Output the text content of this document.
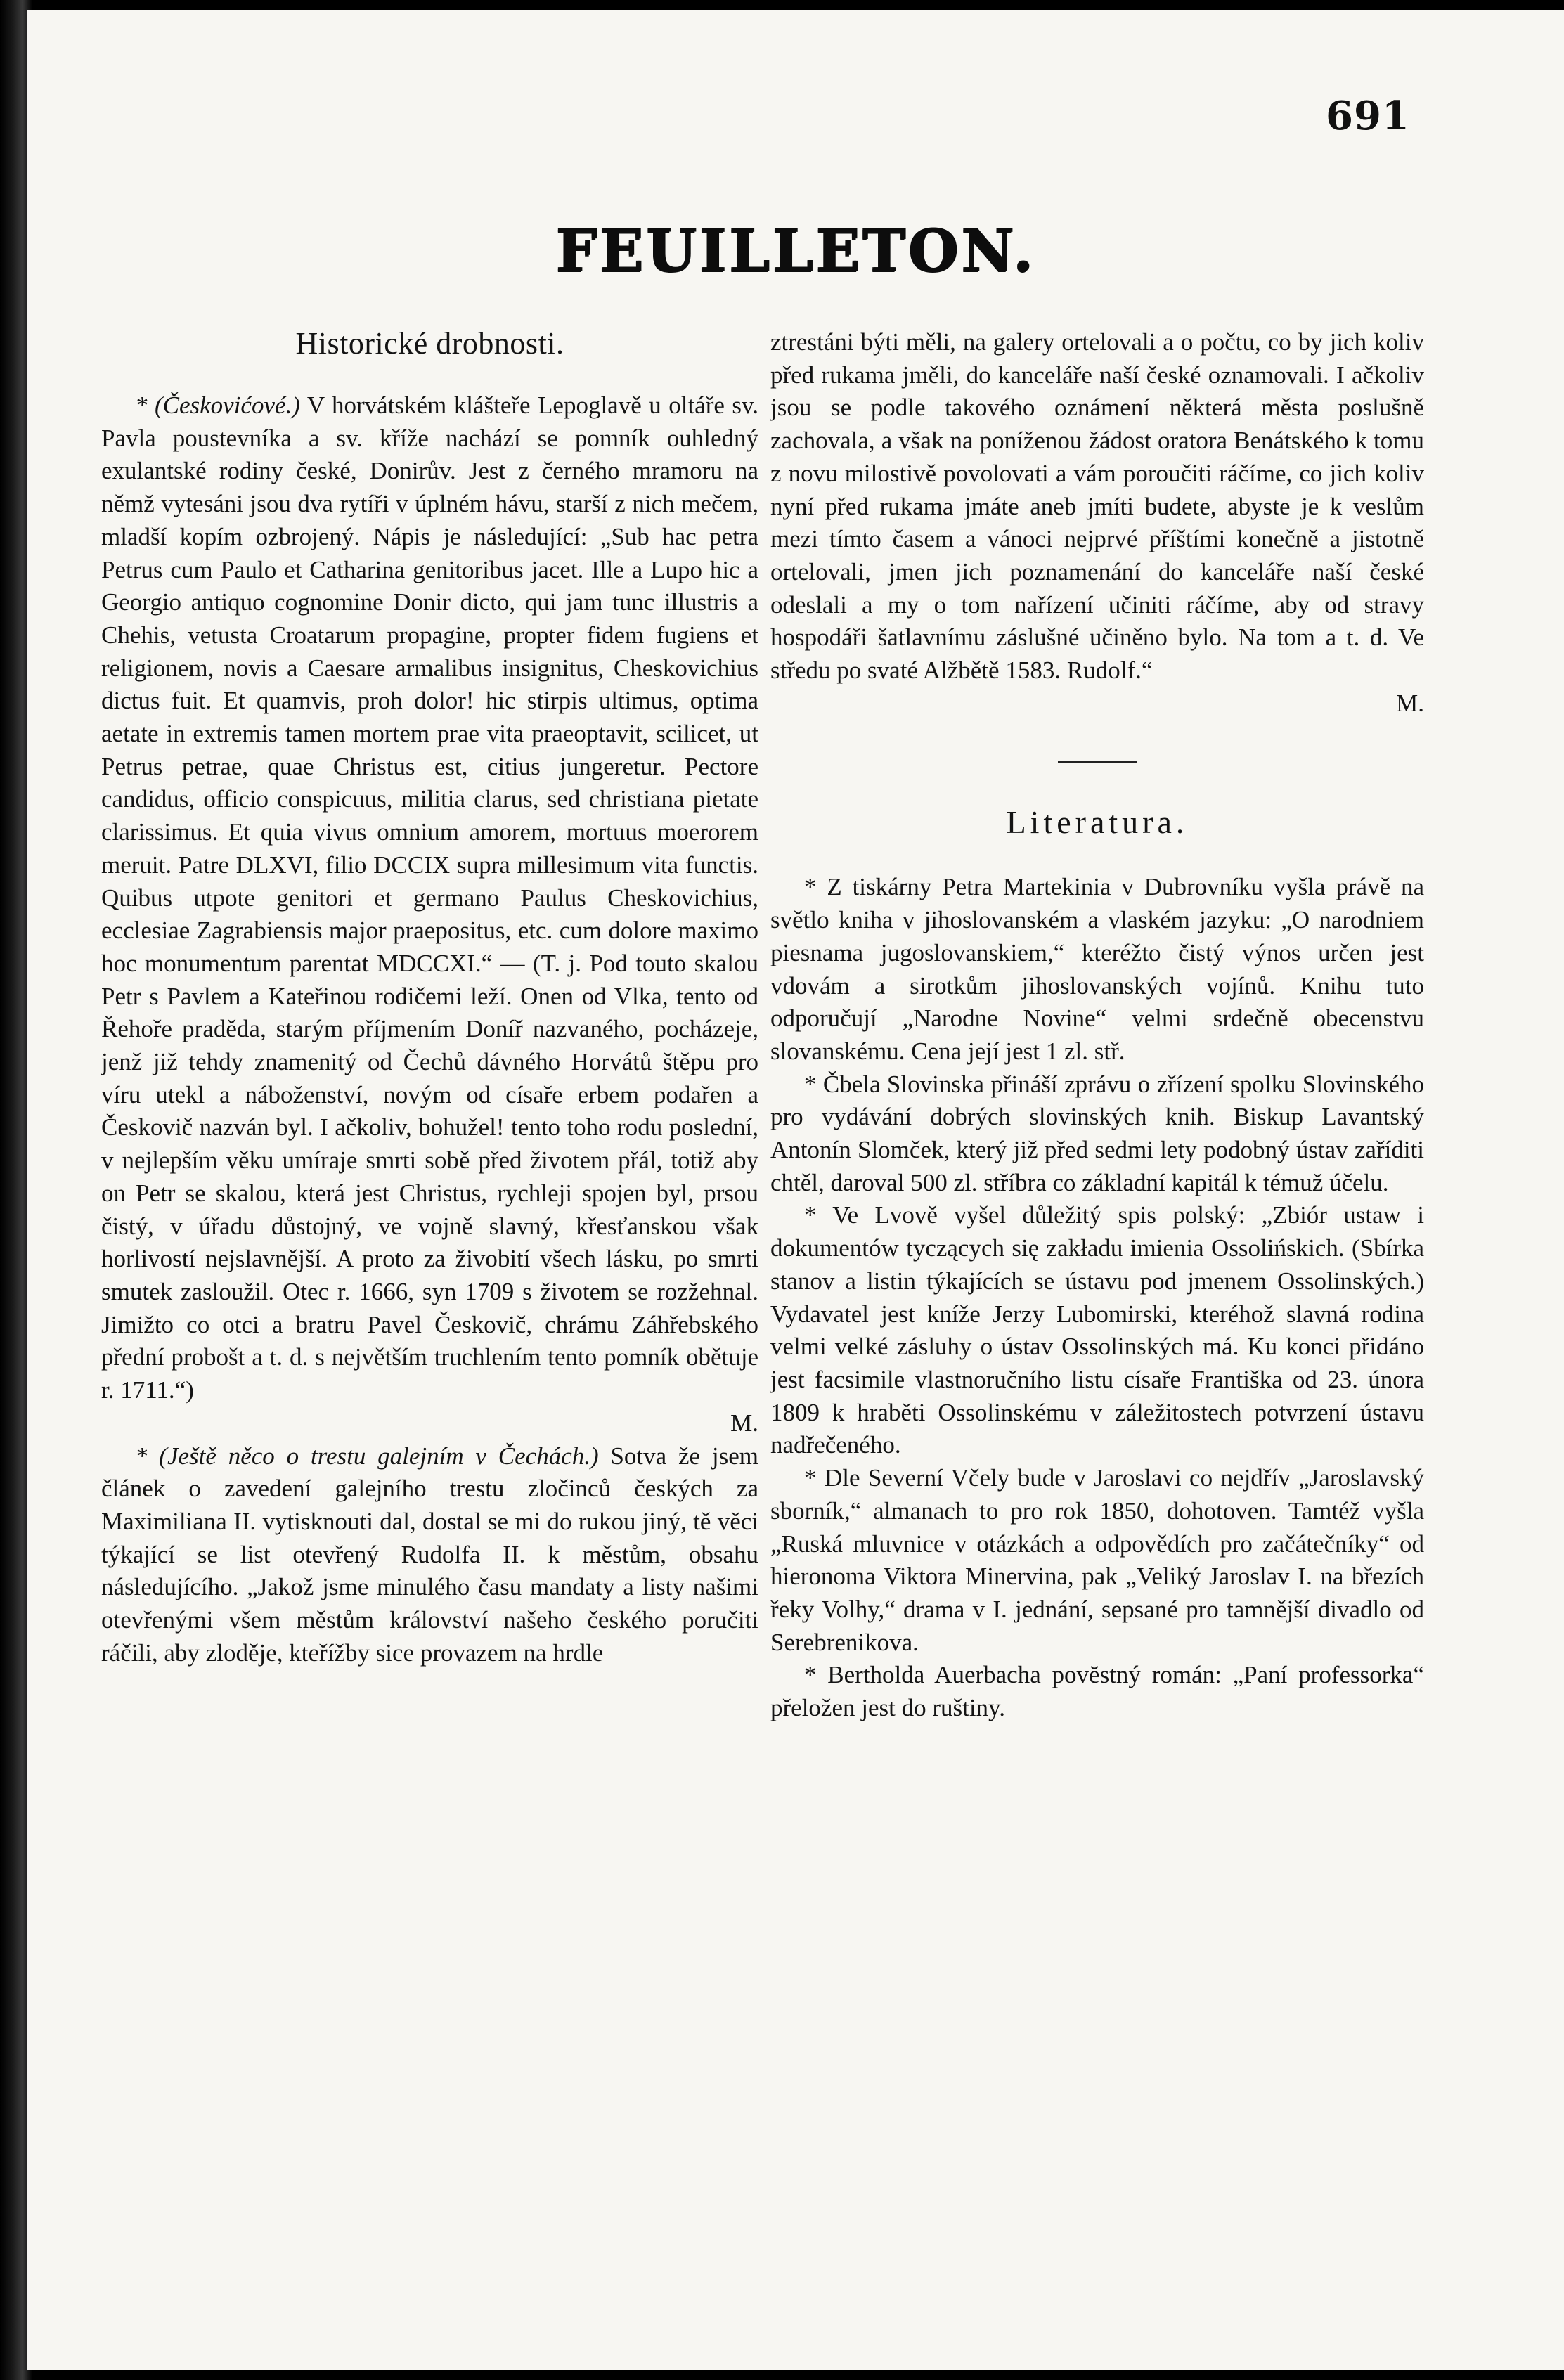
691
FEUILLETON.

Historické drobnosti.

* (Českovićové.) V horvátském klášteře Lepoglavě u oltáře sv. Pavla poustevníka a sv. kříže nachází se pomník ouhledný exulantské rodiny české, Donirův. Jest z černého mramoru na němž vytesáni jsou dva rytíři v úplném hávu, starší z nich mečem, mladší kopím ozbrojený. Nápis je následující: „Sub hac petra Petrus cum Paulo et Catharina genitoribus jacet. Ille a Lupo hic a Georgio antiquo cognomine Donir dicto, qui jam tunc illustris a Chehis, vetusta Croatarum propagine, propter fidem fugiens et religionem, novis a Caesare armalibus insignitus, Cheskovichius dictus fuit. Et quamvis, proh dolor! hic stirpis ultimus, optima aetate in extremis tamen mortem prae vita praeoptavit, scilicet, ut Petrus petrae, quae Christus est, citius jungeretur. Pectore candidus, officio conspicuus, militia clarus, sed christiana pietate clarissimus. Et quia vivus omnium amorem, mortuus moerorem meruit. Patre DLXVI, filio DCCIX supra millesimum vita functis. Quibus utpote genitori et germano Paulus Cheskovichius, ecclesiae Zagrabiensis major praepositus, etc. cum dolore maximo hoc monumentum parentat MDCCXI.“ — (T. j. Pod touto skalou Petr s Pavlem a Kateřinou rodičemi leží. Onen od Vlka, tento od Řehoře praděda, starým příjmením Doníř nazvaného, pocházeje, jenž již tehdy znamenitý od Čechů dávného Horvátů štěpu pro víru utekl a náboženství, novým od císaře erbem podařen a Českovič nazván byl. I ačkoliv, bohužel! tento toho rodu poslední, v nejlepším věku umíraje smrti sobě před životem přál, totiž aby on Petr se skalou, která jest Christus, rychleji spojen byl, prsou čistý, v úřadu důstojný, ve vojně slavný, křesťanskou však horlivostí nejslavnější. A proto za živobití všech lásku, po smrti smutek zasloužil. Otec r. 1666, syn 1709 s životem se rozžehnal. Jimižto co otci a bratru Pavel Českovič, chrámu Záhřebského přední probošt a t. d. s největším truchlením tento pomník obětuje r. 1711.“)

M.

* (Ještě něco o trestu galejním v Čechách.) Sotva že jsem článek o zavedení galejního trestu zločinců českých za Maximiliana II. vytisknouti dal, dostal se mi do rukou jiný, tě věci týkající se list otevřený Rudolfa II. k městům, obsahu následujícího. „Jakož jsme minulého času mandaty a listy našimi otevřenými všem městům království našeho českého poručiti ráčili, aby zloděje, kteřížby sice provazem na hrdle

ztrestáni býti měli, na galery ortelovali a o počtu, co by jich koliv před rukama jměli, do kanceláře naší české oznamovali. I ačkoliv jsou se podle takového oznámení některá města poslušně zachovala, a však na poníženou žádost oratora Benátského k tomu z novu milostivě povolovati a vám poroučiti ráčíme, co jich koliv nyní před rukama jmáte aneb jmíti budete, abyste je k veslům mezi tímto časem a vánoci nejprvé příštími konečně a jistotně ortelovali, jmen jich poznamenání do kanceláře naší české odeslali a my o tom nařízení učiniti ráčíme, aby od stravy hospodáři šatlavnímu záslušné učiněno bylo. Na tom a t. d. Ve středu po svaté Alžbětě 1583. Rudolf.“

M.

Literatura.

* Z tiskárny Petra Martekinia v Dubrovníku vyšla právě na světlo kniha v jihoslovanském a vlaském jazyku: „O narodniem piesnama jugoslovanskiem,“ kteréžto čistý výnos určen jest vdovám a sirotkům jihoslovanských vojínů. Knihu tuto odporučují „Narodne Novine“ velmi srdečně obecenstvu slovanskému. Cena její jest 1 zl. stř.

* Čbela Slovinska přináší zprávu o zřízení spolku Slovinského pro vydávání dobrých slovinských knih. Biskup Lavantský Antonín Slomček, který již před sedmi lety podobný ústav zaříditi chtěl, daroval 500 zl. stříbra co základní kapitál k témuž účelu.

* Ve Lvově vyšel důležitý spis polský: „Zbiór ustaw i dokumentów tyczących się zakładu imienia Ossolińskich. (Sbírka stanov a listin týkajících se ústavu pod jmenem Ossolinských.) Vydavatel jest kníže Jerzy Lubomirski, kteréhož slavná rodina velmi velké zásluhy o ústav Ossolinských má. Ku konci přidáno jest facsimile vlastnoručního listu císaře Františka od 23. února 1809 k hraběti Ossolinskému v záležitostech potvrzení ústavu nadřečeného.

* Dle Severní Včely bude v Jaroslavi co nejdřív „Jaroslavský sborník,“ almanach to pro rok 1850, dohotoven. Tamtéž vyšla „Ruská mluvnice v otázkách a odpovědích pro začátečníky“ od hieronoma Viktora Minervina, pak „Veliký Jaroslav I. na březích řeky Volhy,“ drama v I. jednání, sepsané pro tamnější divadlo od Serebrenikova.

* Bertholda Auerbacha povĕstný román: „Paní professorka“ přeložen jest do ruštiny.
